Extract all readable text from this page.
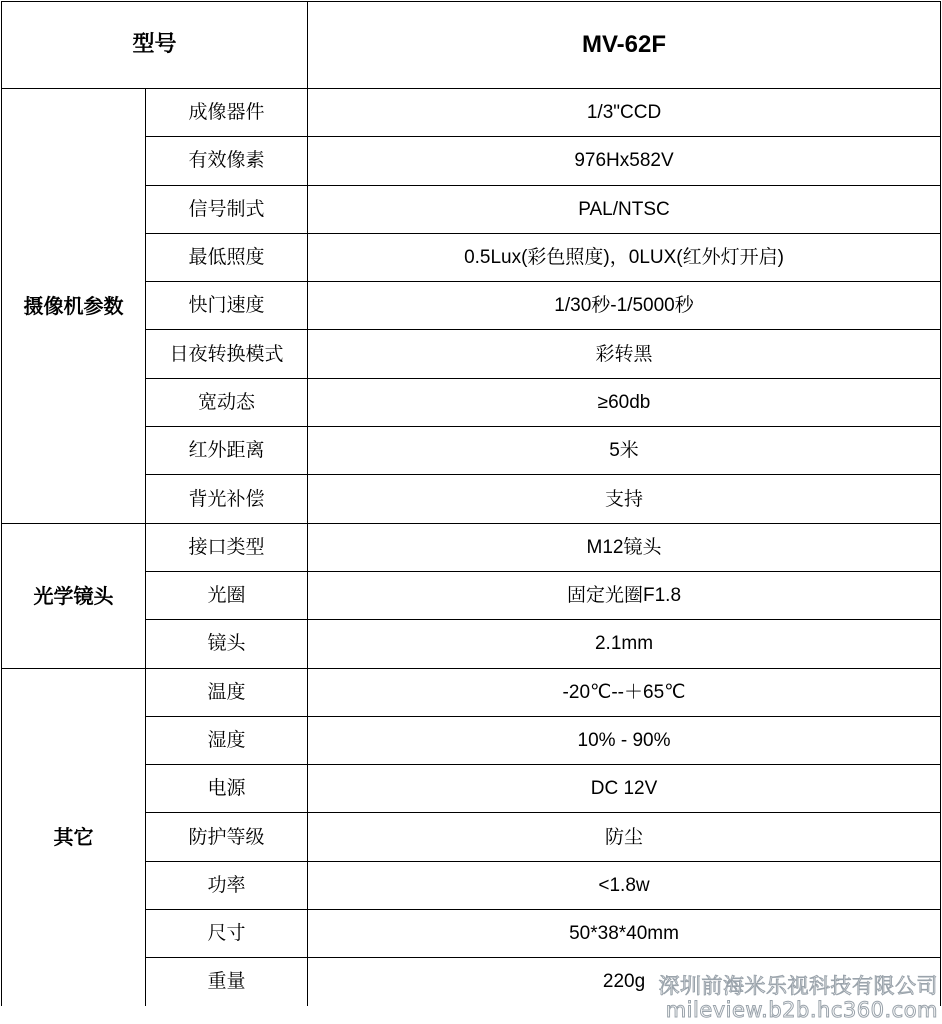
型号		MV-62F
摄像机参数	成像器件	1/3"CCD
	有效像素	976Hx582V
	信号制式	PAL/NTSC
	最低照度	0.5Lux(彩色照度)，0LUX(红外灯开启)
	快门速度	1/30秒-1/5000秒
	日夜转换模式	彩转黑
	宽动态	≥60db
	红外距离	5米
	背光补偿	支持
光学镜头	接口类型	M12镜头
	光圈	固定光圈F1.8
	镜头	2.1mm
其它	温度	-20℃--＋65℃
	湿度	10% - 90%
	电源	DC 12V
	防护等级	防尘
	功率	<1.8w
	尺寸	50*38*40mm
	重量	220g 深圳前海米乐视科技有限公司
mileview.b2b.hc360.com
